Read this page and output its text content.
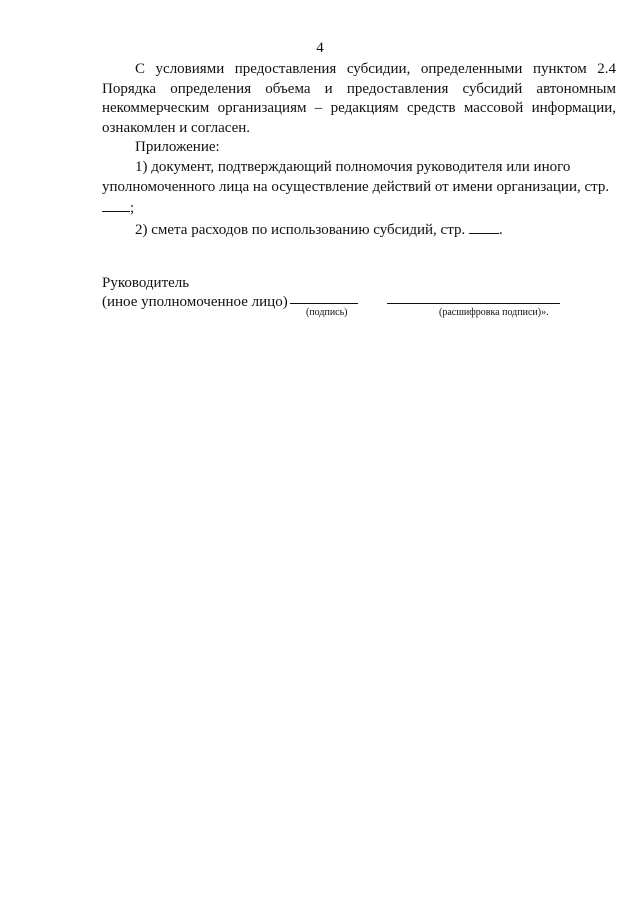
4

С условиями предоставления субсидии, определенными пунктом 2.4 Порядка определения объема и предоставления субсидий автономным некоммерческим организациям – редакциям средств массовой информации, ознакомлен и согласен.

Приложение:

1) документ, подтверждающий полномочия руководителя или иного уполномоченного лица на осуществление действий от имени организации, стр. ;

2) смета расходов по использованию субсидий, стр. .

Руководитель
(иное уполномоченное лицо)
(подпись)	(расшифровка подписи)».
